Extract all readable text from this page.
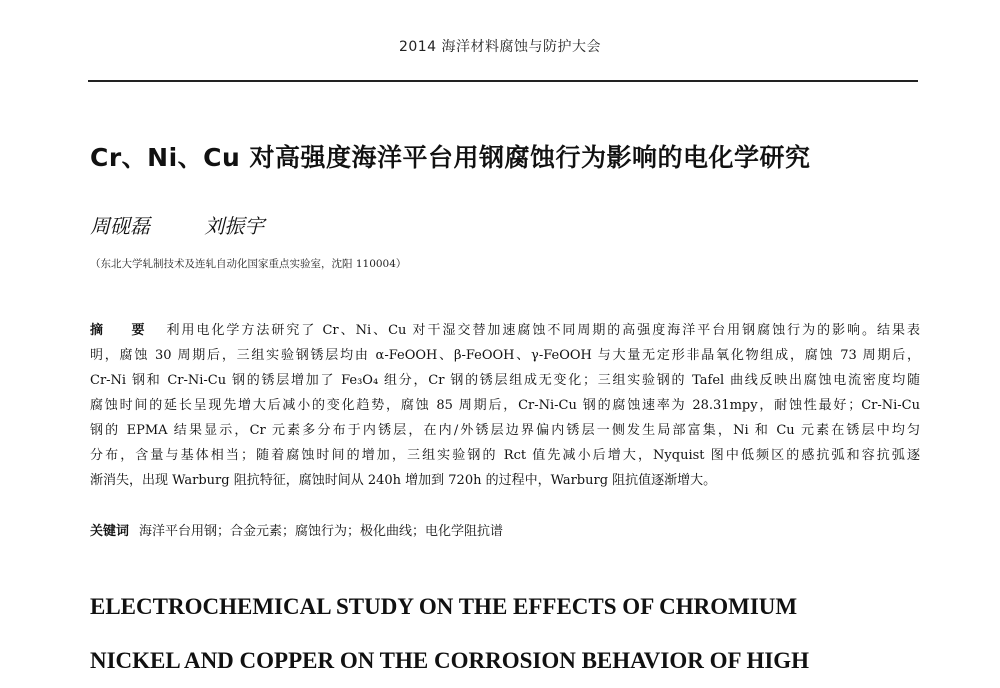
2014 海洋材料腐蚀与防护大会
Cr、Ni、Cu 对高强度海洋平台用钢腐蚀行为影响的电化学研究
周砚磊	刘振宇
（东北大学轧制技术及连轧自动化国家重点实验室，沈阳 110004）
摘 要 利用电化学方法研究了 Cr、Ni、Cu 对干湿交替加速腐蚀不同周期的高强度海洋平台用钢腐蚀行为的影响。结果表
明，腐蚀 30 周期后，三组实验钢锈层均由 α-FeOOH、β-FeOOH、γ-FeOOH 与大量无定形非晶氧化物组成，腐蚀 73 周期后，
Cr-Ni 钢和 Cr-Ni-Cu 钢的锈层增加了 Fe₃O₄ 组分，Cr 钢的锈层组成无变化；三组实验钢的 Tafel 曲线反映出腐蚀电流密度均随
腐蚀时间的延长呈现先增大后减小的变化趋势，腐蚀 85 周期后，Cr-Ni-Cu 钢的腐蚀速率为 28.31mpy，耐蚀性最好；Cr-Ni-Cu
钢的 EPMA 结果显示，Cr 元素多分布于内锈层，在内/外锈层边界偏内锈层一侧发生局部富集，Ni 和 Cu 元素在锈层中均匀
分布，含量与基体相当；随着腐蚀时间的增加，三组实验钢的 Rct 值先减小后增大，Nyquist 图中低频区的感抗弧和容抗弧逐
渐消失，出现 Warburg 阻抗特征，腐蚀时间从 240h 增加到 720h 的过程中，Warburg 阻抗值逐渐增大。
关键词 海洋平台用钢；合金元素；腐蚀行为；极化曲线；电化学阻抗谱
ELECTROCHEMICAL STUDY ON THE EFFECTS OF CHROMIUM
NICKEL AND COPPER ON THE CORROSION BEHAVIOR OF HIGH
